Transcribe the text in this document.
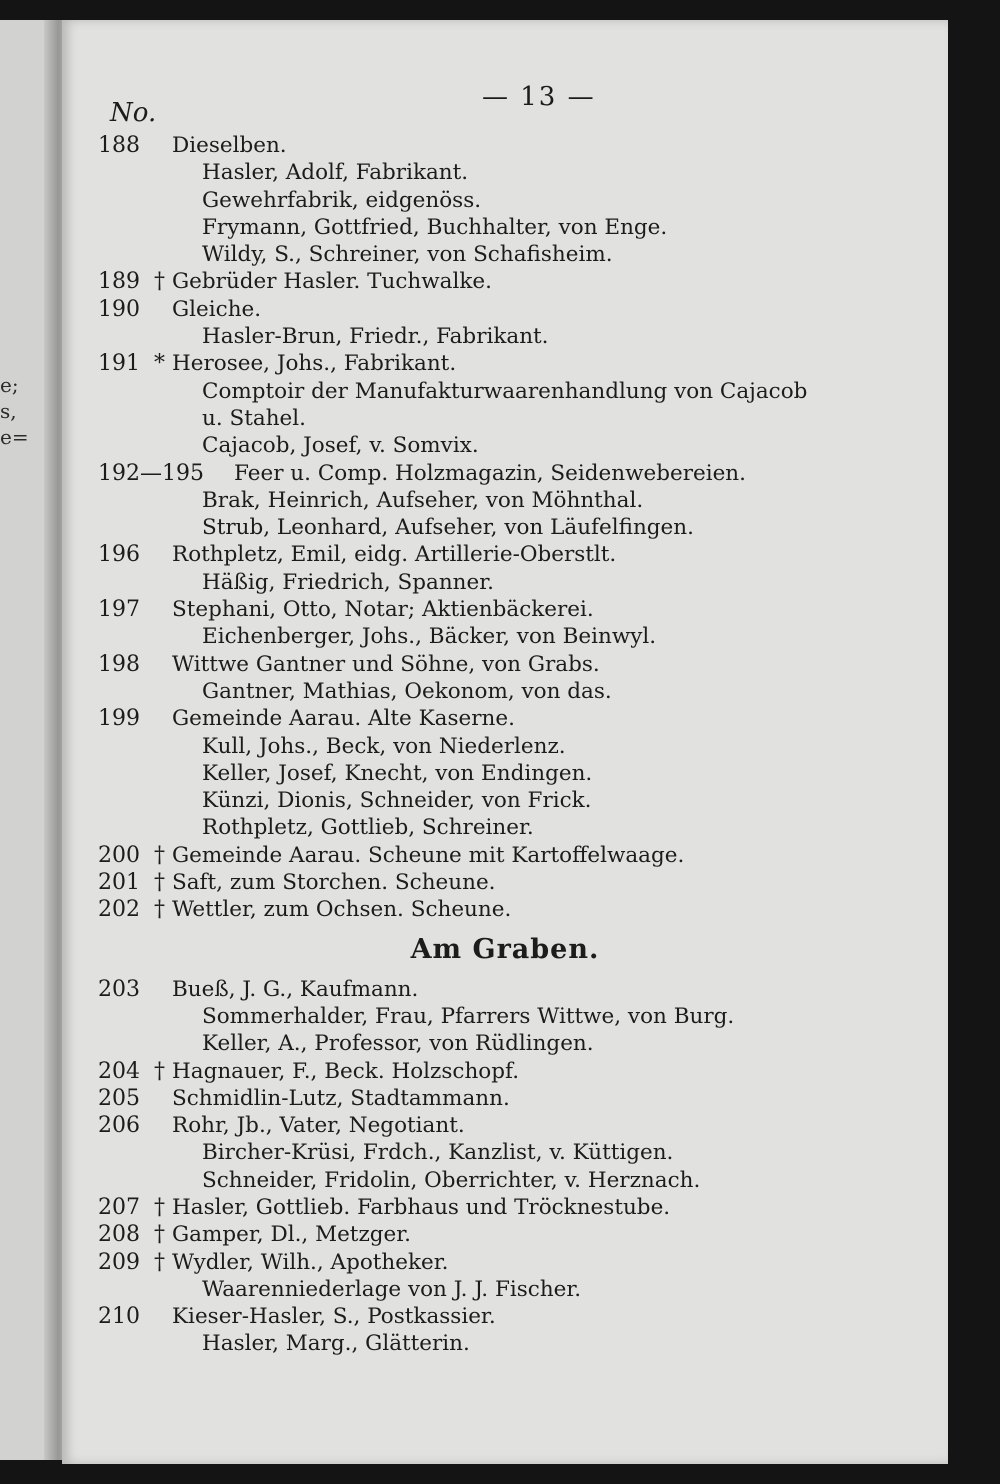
e;
s,
e=
— 13 —
No.
188 Dieselben.
Hasler, Adolf, Fabrikant.
Gewehrfabrik, eidgenöss.
Frymann, Gottfried, Buchhalter, von Enge.
Wildy, S., Schreiner, von Schafisheim.
189 † Gebrüder Hasler. Tuchwalke.
190 Gleiche.
Hasler-Brun, Friedr., Fabrikant.
191 * Herosee, Johs., Fabrikant.
Comptoir der Manufakturwaarenhandlung von Cajacob
u. Stahel.
Cajacob, Josef, v. Somvix.
192—195 Feer u. Comp. Holzmagazin, Seidenwebereien.
Brak, Heinrich, Aufseher, von Möhnthal.
Strub, Leonhard, Aufseher, von Läufelfingen.
196 Rothpletz, Emil, eidg. Artillerie-Oberstlt.
Häßig, Friedrich, Spanner.
197 Stephani, Otto, Notar; Aktienbäckerei.
Eichenberger, Johs., Bäcker, von Beinwyl.
198 Wittwe Gantner und Söhne, von Grabs.
Gantner, Mathias, Oekonom, von das.
199 Gemeinde Aarau. Alte Kaserne.
Kull, Johs., Beck, von Niederlenz.
Keller, Josef, Knecht, von Endingen.
Künzi, Dionis, Schneider, von Frick.
Rothpletz, Gottlieb, Schreiner.
200 † Gemeinde Aarau. Scheune mit Kartoffelwaage.
201 † Saft, zum Storchen. Scheune.
202 † Wettler, zum Ochsen. Scheune.
Am Graben.
203 Bueß, J. G., Kaufmann.
Sommerhalder, Frau, Pfarrers Wittwe, von Burg.
Keller, A., Professor, von Rüdlingen.
204 † Hagnauer, F., Beck. Holzschopf.
205 Schmidlin-Lutz, Stadtammann.
206 Rohr, Jb., Vater, Negotiant.
Bircher-Krüsi, Frdch., Kanzlist, v. Küttigen.
Schneider, Fridolin, Oberrichter, v. Herznach.
207 † Hasler, Gottlieb. Farbhaus und Tröcknestube.
208 † Gamper, Dl., Metzger.
209 † Wydler, Wilh., Apotheker.
Waarenniederlage von J. J. Fischer.
210 Kieser-Hasler, S., Postkassier.
Hasler, Marg., Glätterin.
